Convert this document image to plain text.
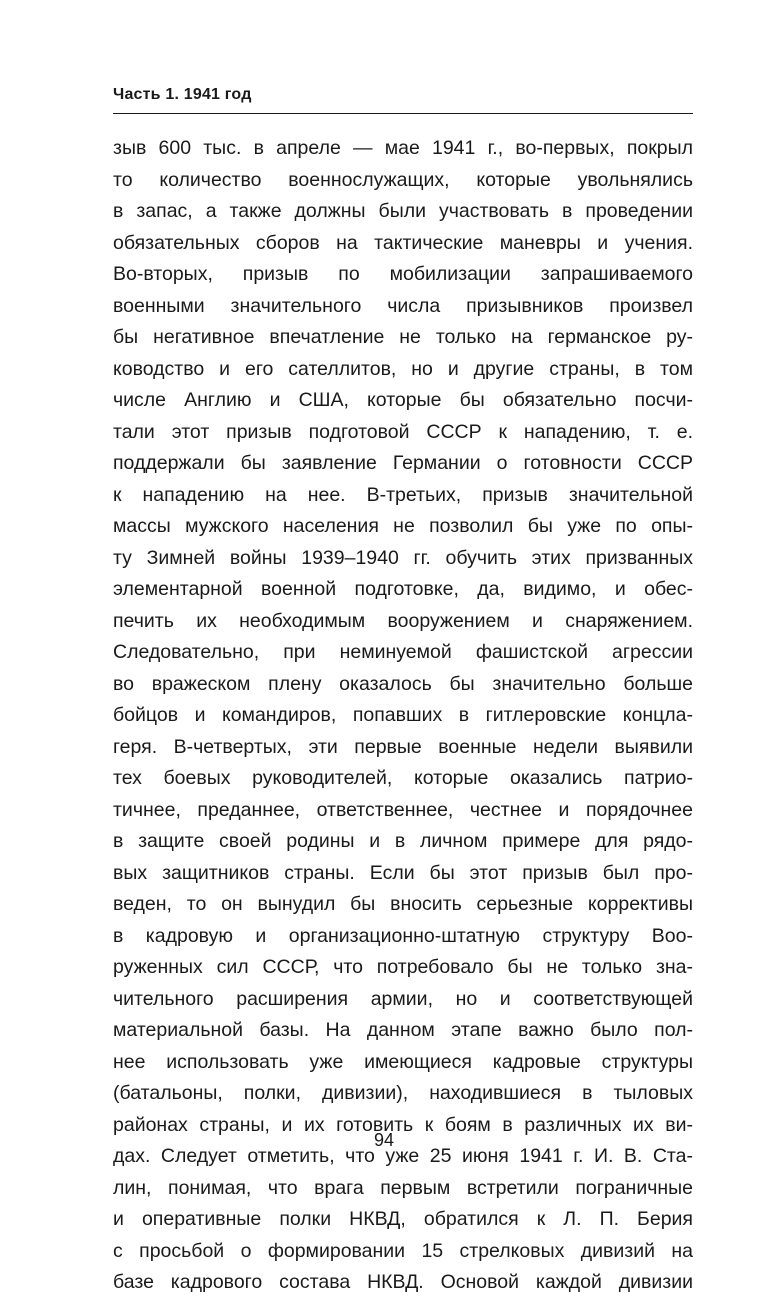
Часть 1. 1941 год
зыв 600 тыс. в апреле — мае 1941 г., во-первых, покрыл
то количество военнослужащих, которые увольнялись
в запас, а также должны были участвовать в проведении
обязательных сборов на тактические маневры и учения.
Во-вторых, призыв по мобилизации запрашиваемого
военными значительного числа призывников произвел
бы негативное впечатление не только на германское ру-
ководство и его сателлитов, но и другие страны, в том
числе Англию и США, которые бы обязательно посчи-
тали этот призыв подготовой СССР к нападению, т. е.
поддержали бы заявление Германии о готовности СССР
к нападению на нее. В-третьих, призыв значительной
массы мужского населения не позволил бы уже по опы-
ту Зимней войны 1939–1940 гг. обучить этих призванных
элементарной военной подготовке, да, видимо, и обес-
печить их необходимым вооружением и снаряжением.
Следовательно, при неминуемой фашистской агрессии
во вражеском плену оказалось бы значительно больше
бойцов и командиров, попавших в гитлеровские концла-
геря. В-четвертых, эти первые военные недели выявили
тех боевых руководителей, которые оказались патрио-
тичнее, преданнее, ответственнее, честнее и порядочнее
в защите своей родины и в личном примере для рядо-
вых защитников страны. Если бы этот призыв был про-
веден, то он вынудил бы вносить серьезные коррективы
в кадровую и организационно-штатную структуру Воо-
руженных сил СССР, что потребовало бы не только зна-
чительного расширения армии, но и соответствующей
материальной базы. На данном этапе важно было пол-
нее использовать уже имеющиеся кадровые структуры
(батальоны, полки, дивизии), находившиеся в тыловых
районах страны, и их готовить к боям в различных их ви-
дах. Следует отметить, что уже 25 июня 1941 г. И. В. Ста-
лин, понимая, что врага первым встретили пограничные
и оперативные полки НКВД, обратился к Л. П. Берия
с просьбой о формировании 15 стрелковых дивизий на
базе кадрового состава НКВД. Основой каждой дивизии
94
